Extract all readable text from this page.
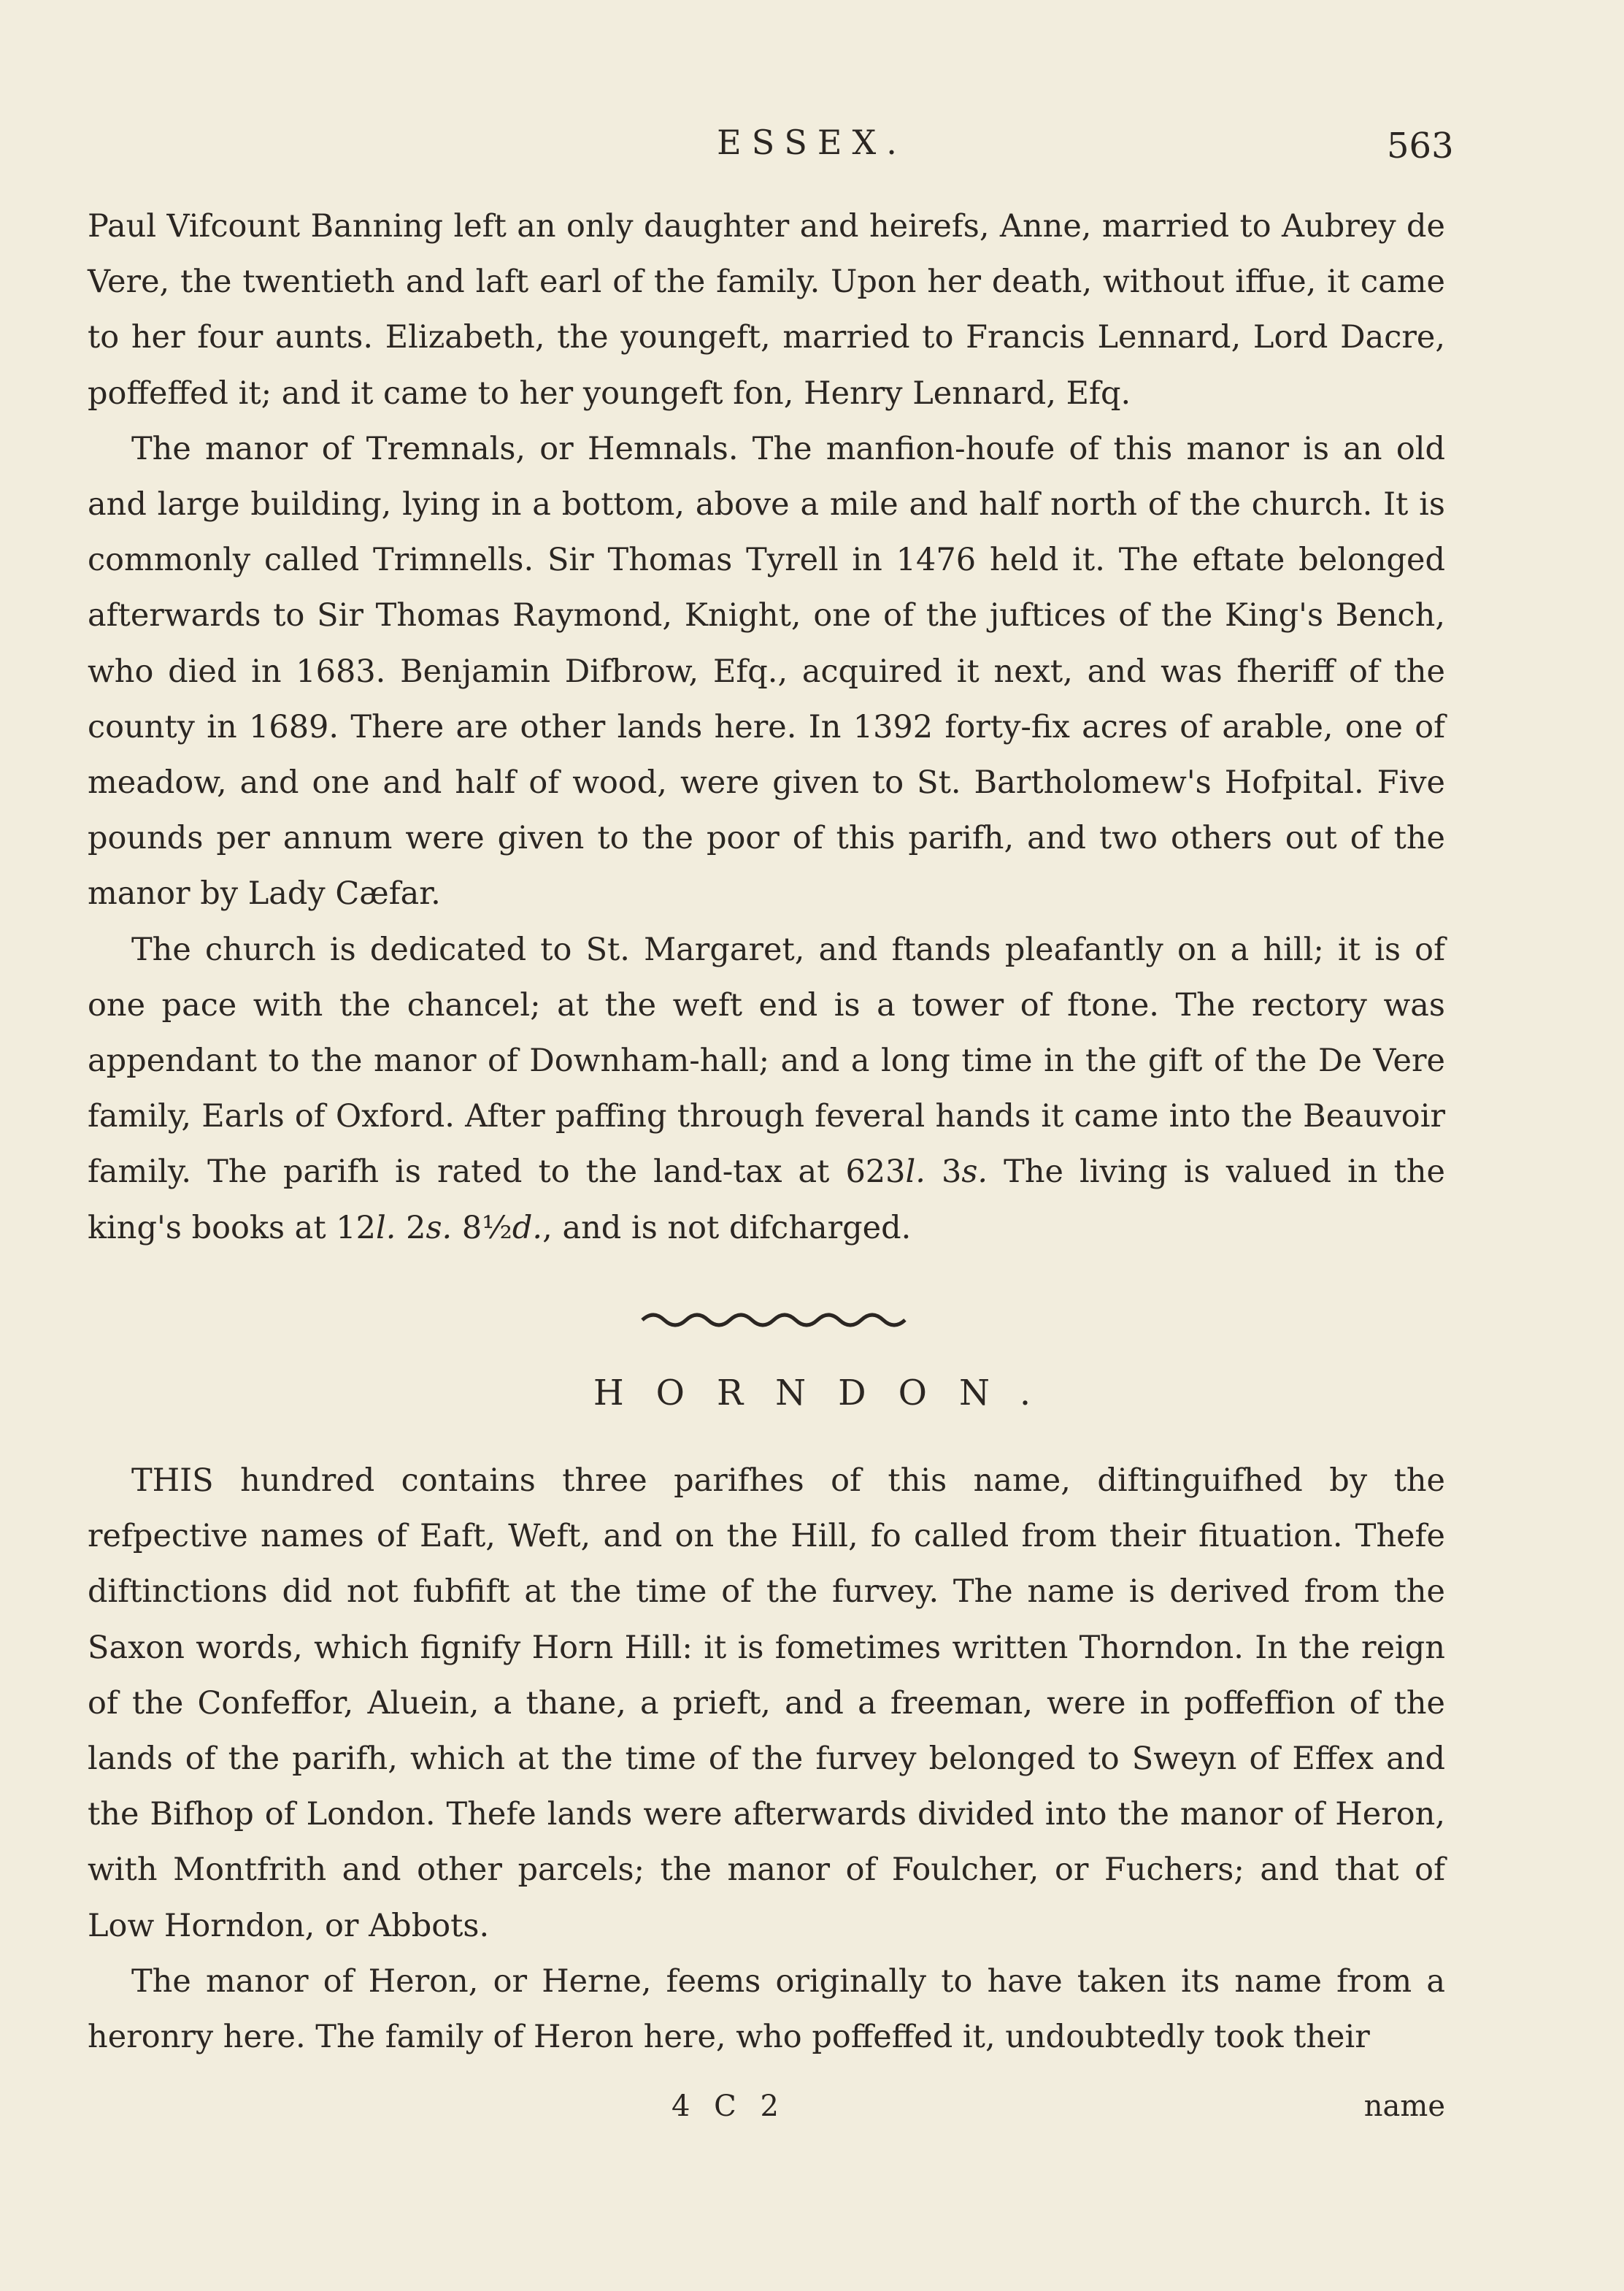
ESSEX.	563

Paul Vifcount Banning left an only daughter and heirefs, Anne, married to Aubrey de Vere, the twentieth and laft earl of the family. Upon her death, without iffue, it came to her four aunts. Elizabeth, the youngeft, married to Francis Lennard, Lord Dacre, poffeffed it; and it came to her youngeft fon, Henry Lennard, Efq.

The manor of Tremnals, or Hemnals. The manfion-houfe of this manor is an old and large building, lying in a bottom, above a mile and half north of the church. It is commonly called Trimnells. Sir Thomas Tyrell in 1476 held it. The eftate belonged afterwards to Sir Thomas Raymond, Knight, one of the juftices of the King's Bench, who died in 1683. Benjamin Difbrow, Efq., acquired it next, and was fheriff of the county in 1689. There are other lands here. In 1392 forty-fix acres of arable, one of meadow, and one and half of wood, were given to St. Bartholomew's Hofpital. Five pounds per annum were given to the poor of this parifh, and two others out of the manor by Lady Cæfar.

The church is dedicated to St. Margaret, and ftands pleafantly on a hill; it is of one pace with the chancel; at the weft end is a tower of ftone. The rectory was appendant to the manor of Downham-hall; and a long time in the gift of the De Vere family, Earls of Oxford. After paffing through feveral hands it came into the Beauvoir family. The parifh is rated to the land-tax at 623l. 3s. The living is valued in the king's books at 12l. 2s. 8½d., and is not difcharged.

HORNDON.

THIS hundred contains three parifhes of this name, diftinguifhed by the refpective names of Eaft, Weft, and on the Hill, fo called from their fituation. Thefe diftinctions did not fubfift at the time of the furvey. The name is derived from the Saxon words, which fignify Horn Hill: it is fometimes written Thorndon. In the reign of the Confeffor, Aluein, a thane, a prieft, and a freeman, were in poffeffion of the lands of the parifh, which at the time of the furvey belonged to Sweyn of Effex and the Bifhop of London. Thefe lands were afterwards divided into the manor of Heron, with Montfrith and other parcels; the manor of Foulcher, or Fuchers; and that of Low Horndon, or Abbots.

The manor of Heron, or Herne, feems originally to have taken its name from a heronry here. The family of Heron here, who poffeffed it, undoubtedly took their

4 C 2	name
